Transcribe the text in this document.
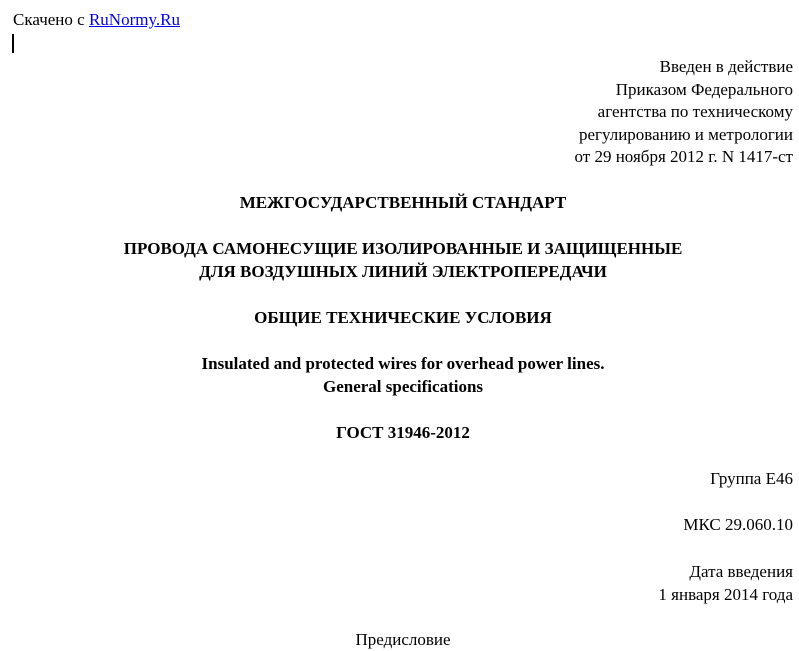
Скачено с RuNormy.Ru
Введен в действие
Приказом Федерального
агентства по техническому
регулированию и метрологии
от 29 ноября 2012 г. N 1417-ст
МЕЖГОСУДАРСТВЕННЫЙ СТАНДАРТ
ПРОВОДА САМОНЕСУЩИЕ ИЗОЛИРОВАННЫЕ И ЗАЩИЩЕННЫЕ
ДЛЯ ВОЗДУШНЫХ ЛИНИЙ ЭЛЕКТРОПЕРЕДАЧИ
ОБЩИЕ ТЕХНИЧЕСКИЕ УСЛОВИЯ
Insulated and protected wires for overhead power lines.
General specifications
ГОСТ 31946-2012
Группа Е46
МКС 29.060.10
Дата введения
1 января 2014 года
Предисловие
